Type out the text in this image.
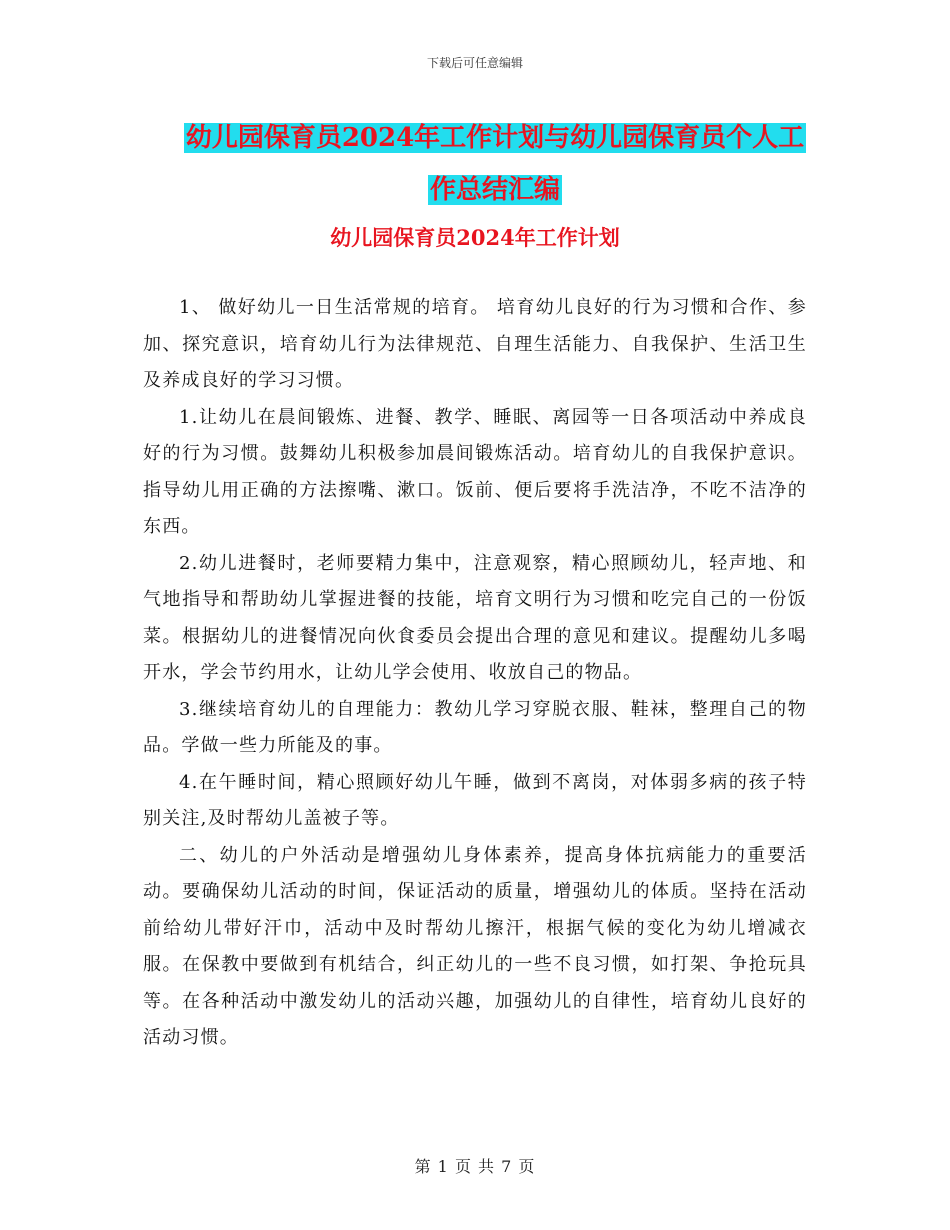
下载后可任意编辑
幼儿园保育员2024年工作计划与幼儿园保育员个人工
作总结汇编
幼儿园保育员2024年工作计划

1、 做好幼儿一日生活常规的培育。 培育幼儿良好的行为习惯和合作、参加、探究意识，培育幼儿行为法律规范、自理生活能力、自我保护、生活卫生及养成良好的学习习惯。

1.让幼儿在晨间锻炼、进餐、教学、睡眠、离园等一日各项活动中养成良好的行为习惯。鼓舞幼儿积极参加晨间锻炼活动。培育幼儿的自我保护意识。指导幼儿用正确的方法擦嘴、漱口。饭前、便后要将手洗洁净，不吃不洁净的东西。

2.幼儿进餐时，老师要精力集中，注意观察，精心照顾幼儿，轻声地、和气地指导和帮助幼儿掌握进餐的技能，培育文明行为习惯和吃完自己的一份饭菜。根据幼儿的进餐情况向伙食委员会提出合理的意见和建议。提醒幼儿多喝开水，学会节约用水，让幼儿学会使用、收放自己的物品。

3.继续培育幼儿的自理能力：教幼儿学习穿脱衣服、鞋袜，整理自己的物品。学做一些力所能及的事。

4.在午睡时间，精心照顾好幼儿午睡，做到不离岗，对体弱多病的孩子特别关注,及时帮幼儿盖被子等。

二、幼儿的户外活动是增强幼儿身体素养，提高身体抗病能力的重要活动。要确保幼儿活动的时间，保证活动的质量，增强幼儿的体质。坚持在活动前给幼儿带好汗巾，活动中及时帮幼儿擦汗，根据气候的变化为幼儿增减衣服。在保教中要做到有机结合，纠正幼儿的一些不良习惯，如打架、争抢玩具等。在各种活动中激发幼儿的活动兴趣，加强幼儿的自律性，培育幼儿良好的活动习惯。

第 1 页 共 7 页
